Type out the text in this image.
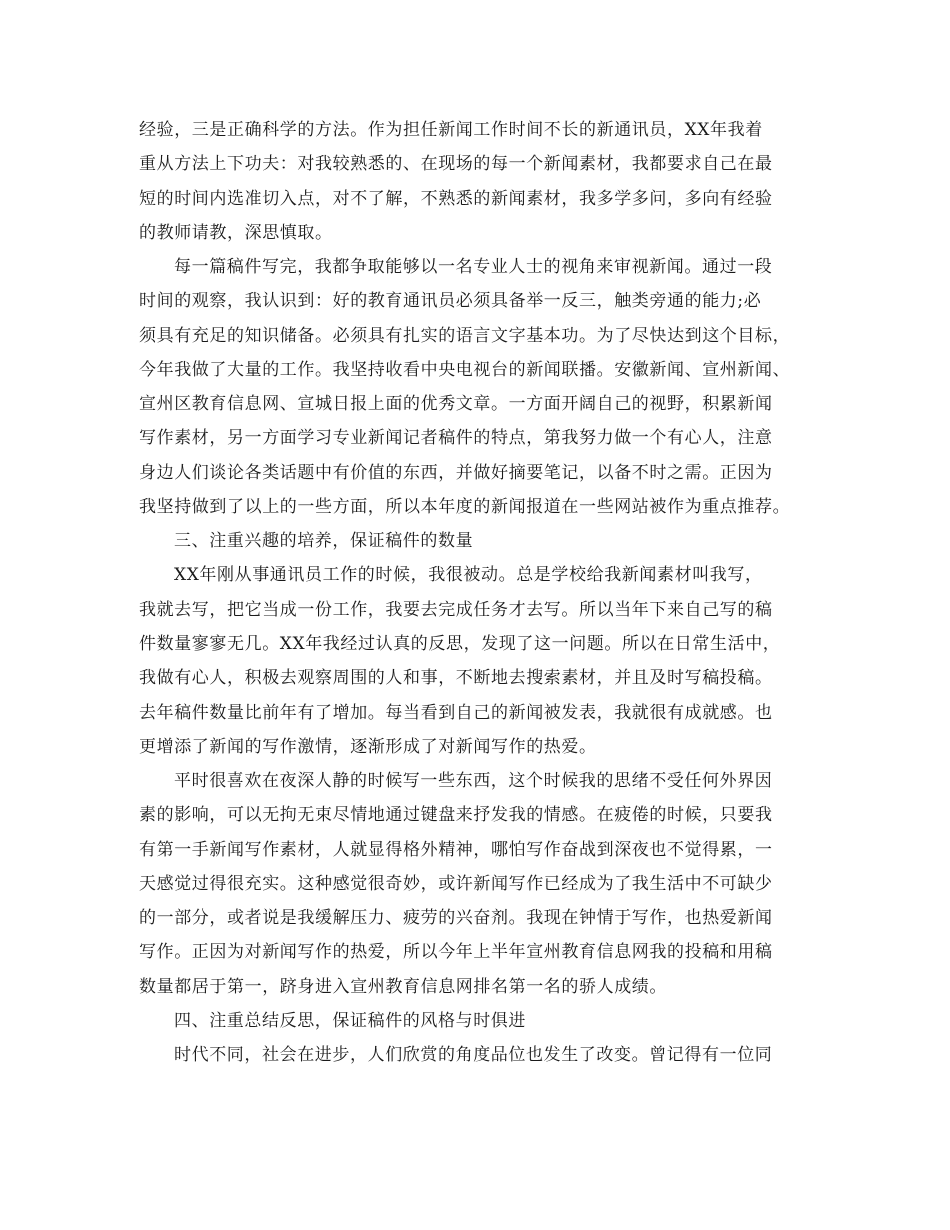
经验，三是正确科学的方法。作为担任新闻工作时间不长的新通讯员，XX年我着
重从方法上下功夫：对我较熟悉的、在现场的每一个新闻素材，我都要求自己在最
短的时间内选准切入点，对不了解，不熟悉的新闻素材，我多学多问，多向有经验
的教师请教，深思慎取。
每一篇稿件写完，我都争取能够以一名专业人士的视角来审视新闻。通过一段
时间的观察，我认识到：好的教育通讯员必须具备举一反三，触类旁通的能力;必
须具有充足的知识储备。必须具有扎实的语言文字基本功。为了尽快达到这个目标，
今年我做了大量的工作。我坚持收看中央电视台的新闻联播。安徽新闻、宣州新闻、
宣州区教育信息网、宣城日报上面的优秀文章。一方面开阔自己的视野，积累新闻
写作素材，另一方面学习专业新闻记者稿件的特点，第我努力做一个有心人，注意
身边人们谈论各类话题中有价值的东西，并做好摘要笔记，以备不时之需。正因为
我坚持做到了以上的一些方面，所以本年度的新闻报道在一些网站被作为重点推荐。
三、注重兴趣的培养，保证稿件的数量
XX年刚从事通讯员工作的时候，我很被动。总是学校给我新闻素材叫我写，
我就去写，把它当成一份工作，我要去完成任务才去写。所以当年下来自己写的稿
件数量寥寥无几。XX年我经过认真的反思，发现了这一问题。所以在日常生活中，
我做有心人，积极去观察周围的人和事，不断地去搜索素材，并且及时写稿投稿。
去年稿件数量比前年有了增加。每当看到自己的新闻被发表，我就很有成就感。也
更增添了新闻的写作激情，逐渐形成了对新闻写作的热爱。
平时很喜欢在夜深人静的时候写一些东西，这个时候我的思绪不受任何外界因
素的影响，可以无拘无束尽情地通过键盘来抒发我的情感。在疲倦的时候，只要我
有第一手新闻写作素材，人就显得格外精神，哪怕写作奋战到深夜也不觉得累，一
天感觉过得很充实。这种感觉很奇妙，或许新闻写作已经成为了我生活中不可缺少
的一部分，或者说是我缓解压力、疲劳的兴奋剂。我现在钟情于写作，也热爱新闻
写作。正因为对新闻写作的热爱，所以今年上半年宣州教育信息网我的投稿和用稿
数量都居于第一，跻身进入宣州教育信息网排名第一名的骄人成绩。
四、注重总结反思，保证稿件的风格与时俱进
时代不同，社会在进步，人们欣赏的角度品位也发生了改变。曾记得有一位同
